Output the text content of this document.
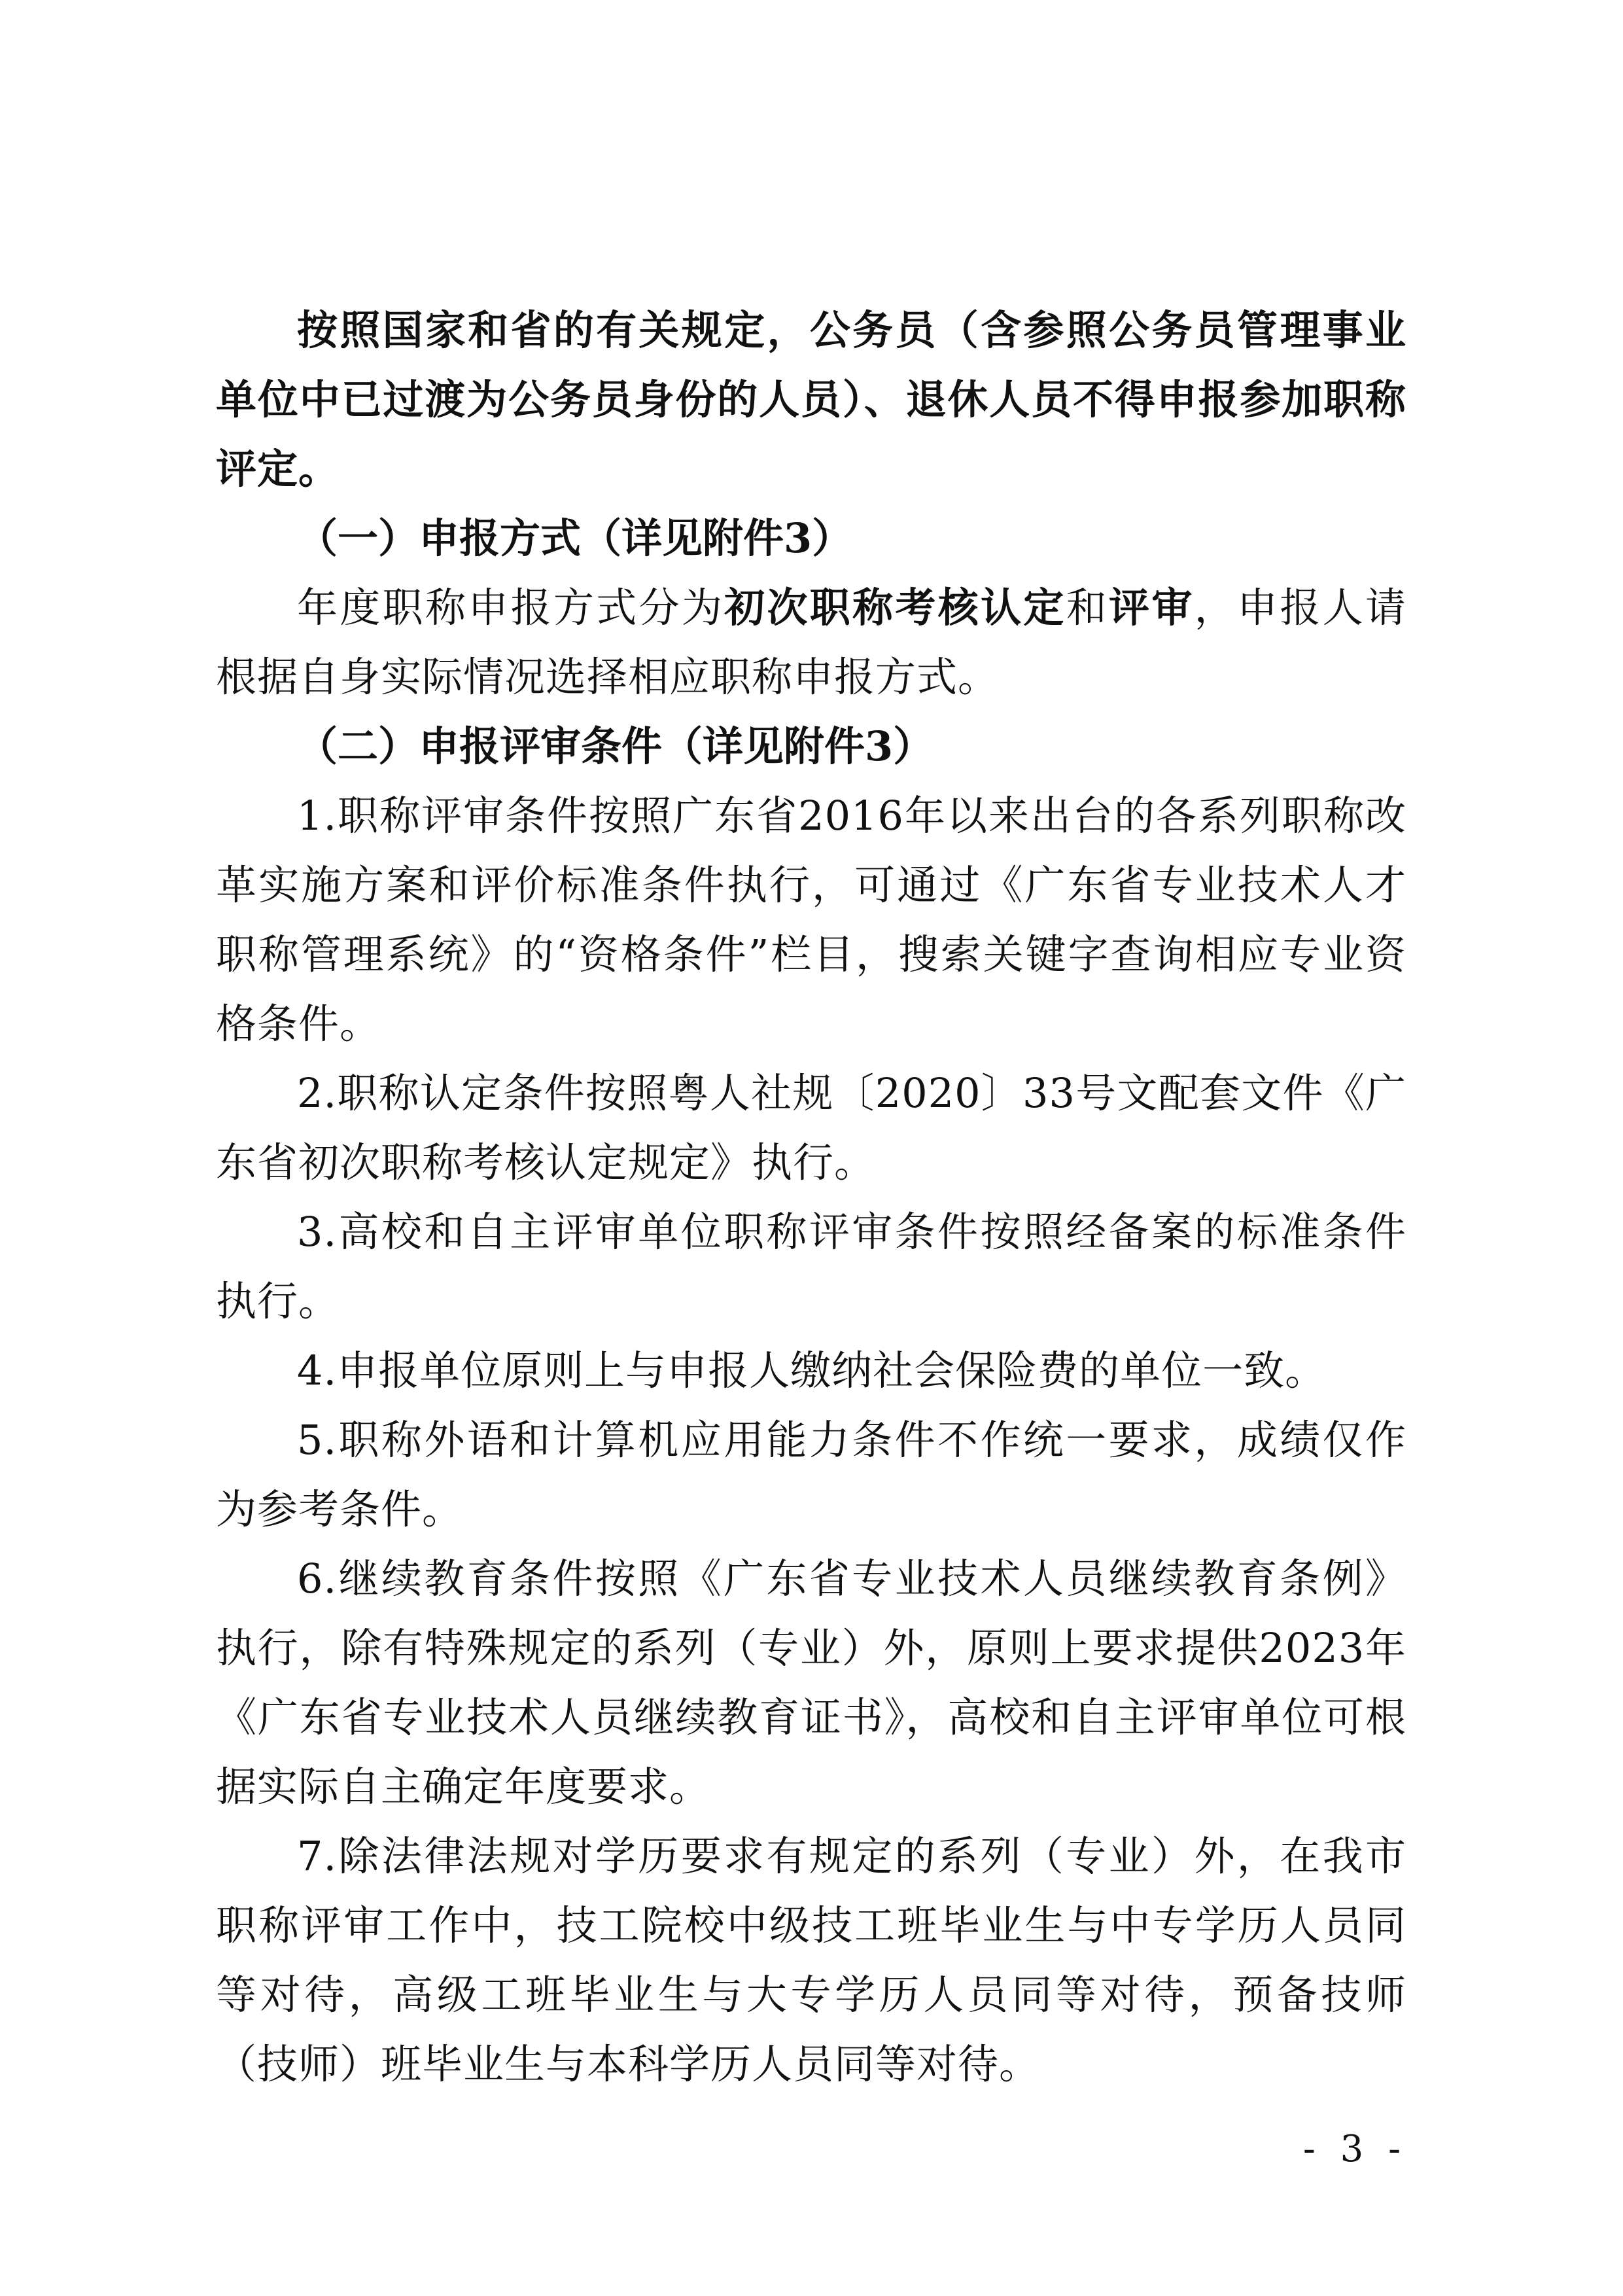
按照国家和省的有关规定，公务员（含参照公务员管理事业单位中已过渡为公务员身份的人员）、退休人员不得申报参加职称评定。

（一）申报方式（详见附件3）

年度职称申报方式分为初次职称考核认定和评审，申报人请根据自身实际情况选择相应职称申报方式。

（二）申报评审条件（详见附件3）

1.职称评审条件按照广东省2016年以来出台的各系列职称改革实施方案和评价标准条件执行，可通过《广东省专业技术人才职称管理系统》的“资格条件”栏目，搜索关键字查询相应专业资格条件。

2.职称认定条件按照粤人社规〔2020〕33号文配套文件《广东省初次职称考核认定规定》执行。

3.高校和自主评审单位职称评审条件按照经备案的标准条件执行。

4.申报单位原则上与申报人缴纳社会保险费的单位一致。

5.职称外语和计算机应用能力条件不作统一要求，成绩仅作为参考条件。

6.继续教育条件按照《广东省专业技术人员继续教育条例》执行，除有特殊规定的系列（专业）外，原则上要求提供2023年《广东省专业技术人员继续教育证书》，高校和自主评审单位可根据实际自主确定年度要求。

7.除法律法规对学历要求有规定的系列（专业）外，在我市职称评审工作中，技工院校中级技工班毕业生与中专学历人员同等对待，高级工班毕业生与大专学历人员同等对待，预备技师（技师）班毕业生与本科学历人员同等对待。

- 3 -
